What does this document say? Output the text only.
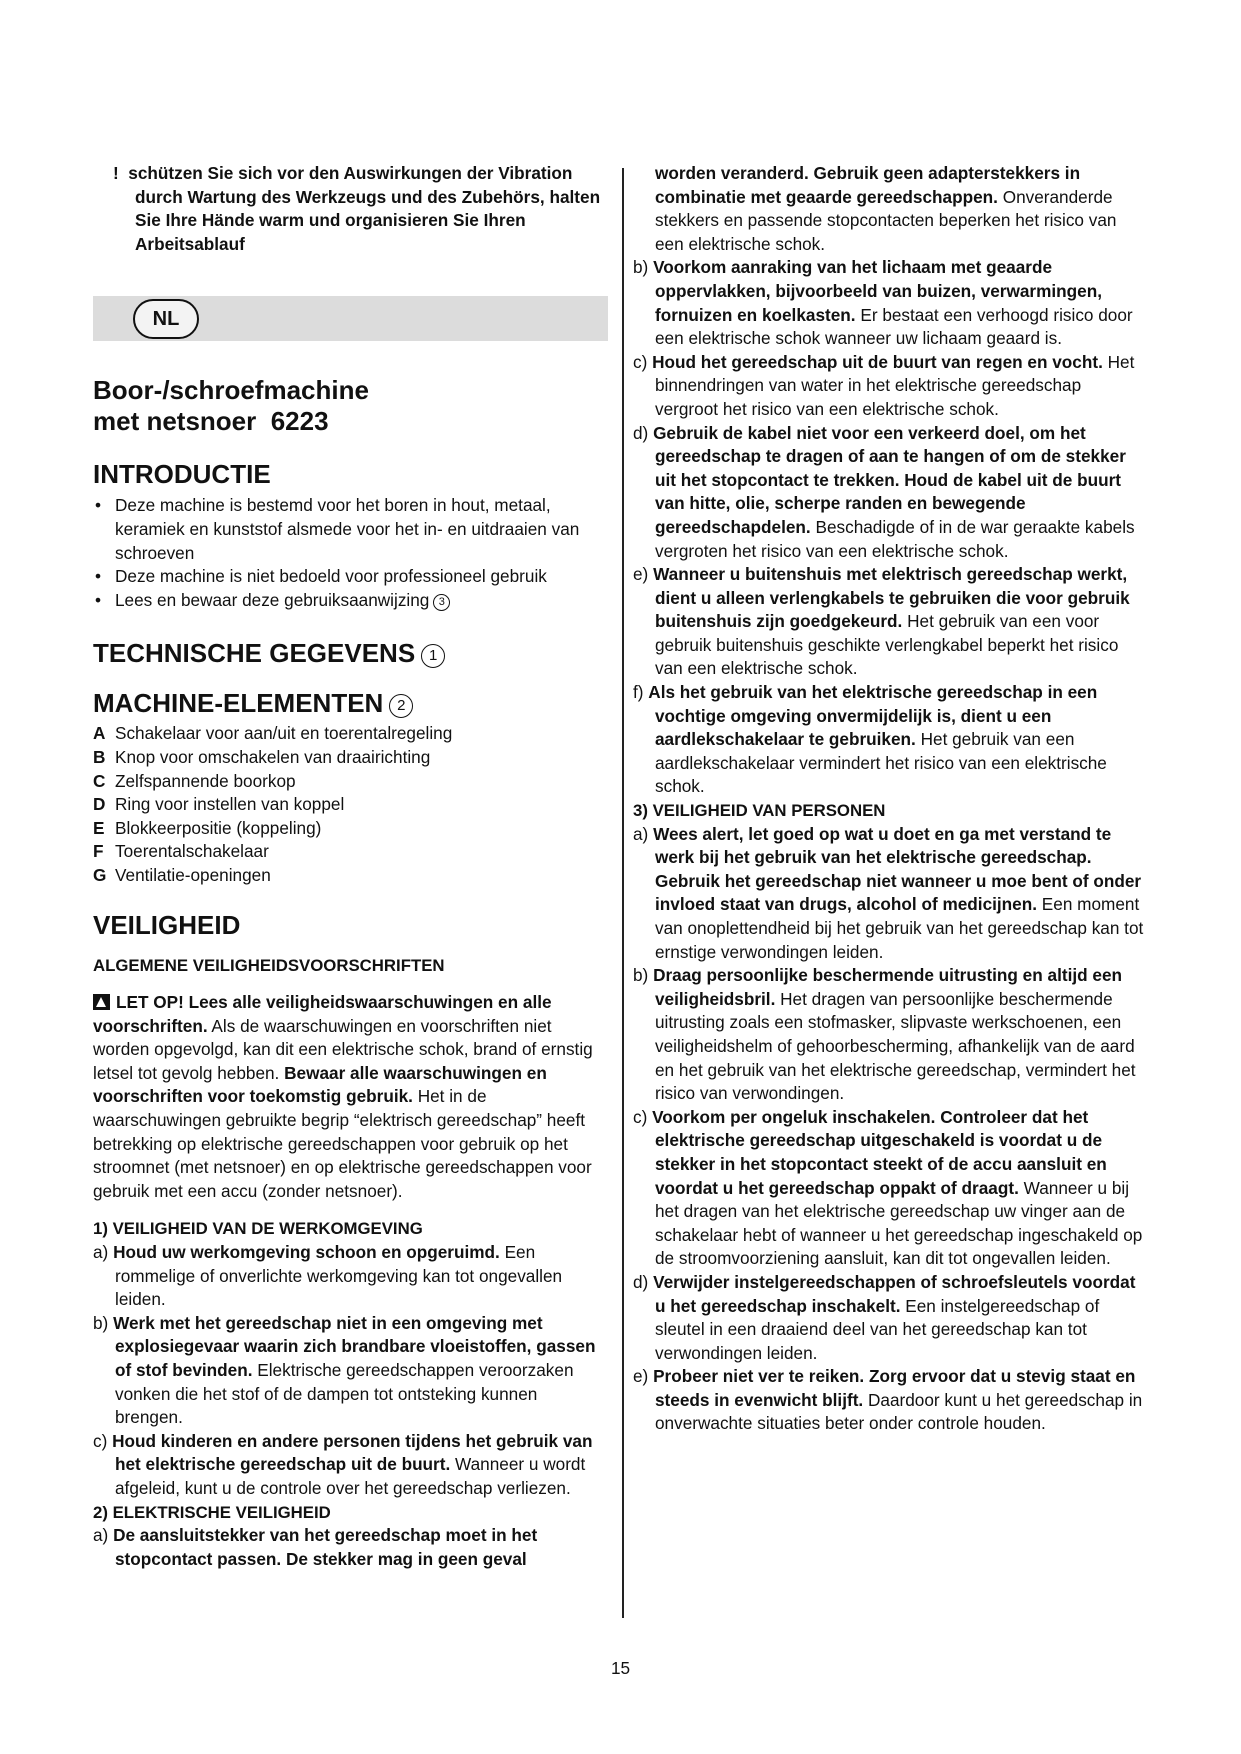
! schützen Sie sich vor den Auswirkungen der Vibration durch Wartung des Werkzeugs und des Zubehörs, halten Sie Ihre Hände warm und organisieren Sie Ihren Arbeitsablauf

NL
Boor-/schroefmachine
met netsnoer  6223
INTRODUCTIE
• Deze machine is bestemd voor het boren in hout, metaal, keramiek en kunststof alsmede voor het in- en uitdraaien van schroeven
• Deze machine is niet bedoeld voor professioneel gebruik
• Lees en bewaar deze gebruiksaanwijzing 3
TECHNISCHE GEGEVENS 1
MACHINE-ELEMENTEN 2
A Schakelaar voor aan/uit en toerentalregeling
B Knop voor omschakelen van draairichting
C Zelfspannende boorkop
D Ring voor instellen van koppel
E Blokkeerpositie (koppeling)
F Toerentalschakelaar
G Ventilatie-openingen
VEILIGHEID
ALGEMENE VEILIGHEIDSVOORSCHRIFTEN

LET OP! Lees alle veiligheidswaarschuwingen en alle voorschriften. Als de waarschuwingen en voorschriften niet worden opgevolgd, kan dit een elektrische schok, brand of ernstig letsel tot gevolg hebben. Bewaar alle waarschuwingen en voorschriften voor toekomstig gebruik. Het in de waarschuwingen gebruikte begrip “elektrisch gereedschap” heeft betrekking op elektrische gereedschappen voor gebruik op het stroomnet (met netsnoer) en op elektrische gereedschappen voor gebruik met een accu (zonder netsnoer).

1) VEILIGHEID VAN DE WERKOMGEVING

a) Houd uw werkomgeving schoon en opgeruimd. Een rommelige of onverlichte werkomgeving kan tot ongevallen leiden.

b) Werk met het gereedschap niet in een omgeving met explosiegevaar waarin zich brandbare vloeistoffen, gassen of stof bevinden. Elektrische gereedschappen veroorzaken vonken die het stof of de dampen tot ontsteking kunnen brengen.

c) Houd kinderen en andere personen tijdens het gebruik van het elektrische gereedschap uit de buurt. Wanneer u wordt afgeleid, kunt u de controle over het gereedschap verliezen.

2) ELEKTRISCHE VEILIGHEID

a) De aansluitstekker van het gereedschap moet in het stopcontact passen. De stekker mag in geen geval

worden veranderd. Gebruik geen adapterstekkers in combinatie met geaarde gereedschappen. Onveranderde stekkers en passende stopcontacten beperken het risico van een elektrische schok.

b) Voorkom aanraking van het lichaam met geaarde oppervlakken, bijvoorbeeld van buizen, verwarmingen, fornuizen en koelkasten. Er bestaat een verhoogd risico door een elektrische schok wanneer uw lichaam geaard is.

c) Houd het gereedschap uit de buurt van regen en vocht. Het binnendringen van water in het elektrische gereedschap vergroot het risico van een elektrische schok.

d) Gebruik de kabel niet voor een verkeerd doel, om het gereedschap te dragen of aan te hangen of om de stekker uit het stopcontact te trekken. Houd de kabel uit de buurt van hitte, olie, scherpe randen en bewegende gereedschapdelen. Beschadigde of in de war geraakte kabels vergroten het risico van een elektrische schok.

e) Wanneer u buitenshuis met elektrisch gereedschap werkt, dient u alleen verlengkabels te gebruiken die voor gebruik buitenshuis zijn goedgekeurd. Het gebruik van een voor gebruik buitenshuis geschikte verlengkabel beperkt het risico van een elektrische schok.

f) Als het gebruik van het elektrische gereedschap in een vochtige omgeving onvermijdelijk is, dient u een aardlekschakelaar te gebruiken. Het gebruik van een aardlekschakelaar vermindert het risico van een elektrische schok.

3) VEILIGHEID VAN PERSONEN

a) Wees alert, let goed op wat u doet en ga met verstand te werk bij het gebruik van het elektrische gereedschap. Gebruik het gereedschap niet wanneer u moe bent of onder invloed staat van drugs, alcohol of medicijnen. Een moment van onoplettendheid bij het gebruik van het gereedschap kan tot ernstige verwondingen leiden.

b) Draag persoonlijke beschermende uitrusting en altijd een veiligheidsbril. Het dragen van persoonlijke beschermende uitrusting zoals een stofmasker, slipvaste werkschoenen, een veiligheidshelm of gehoorbescherming, afhankelijk van de aard en het gebruik van het elektrische gereedschap, vermindert het risico van verwondingen.

c) Voorkom per ongeluk inschakelen. Controleer dat het elektrische gereedschap uitgeschakeld is voordat u de stekker in het stopcontact steekt of de accu aansluit en voordat u het gereedschap oppakt of draagt. Wanneer u bij het dragen van het elektrische gereedschap uw vinger aan de schakelaar hebt of wanneer u het gereedschap ingeschakeld op de stroomvoorziening aansluit, kan dit tot ongevallen leiden.

d) Verwijder instelgereedschappen of schroefsleutels voordat u het gereedschap inschakelt. Een instelgereedschap of sleutel in een draaiend deel van het gereedschap kan tot verwondingen leiden.

e) Probeer niet ver te reiken. Zorg ervoor dat u stevig staat en steeds in evenwicht blijft. Daardoor kunt u het gereedschap in onverwachte situaties beter onder controle houden.

15
